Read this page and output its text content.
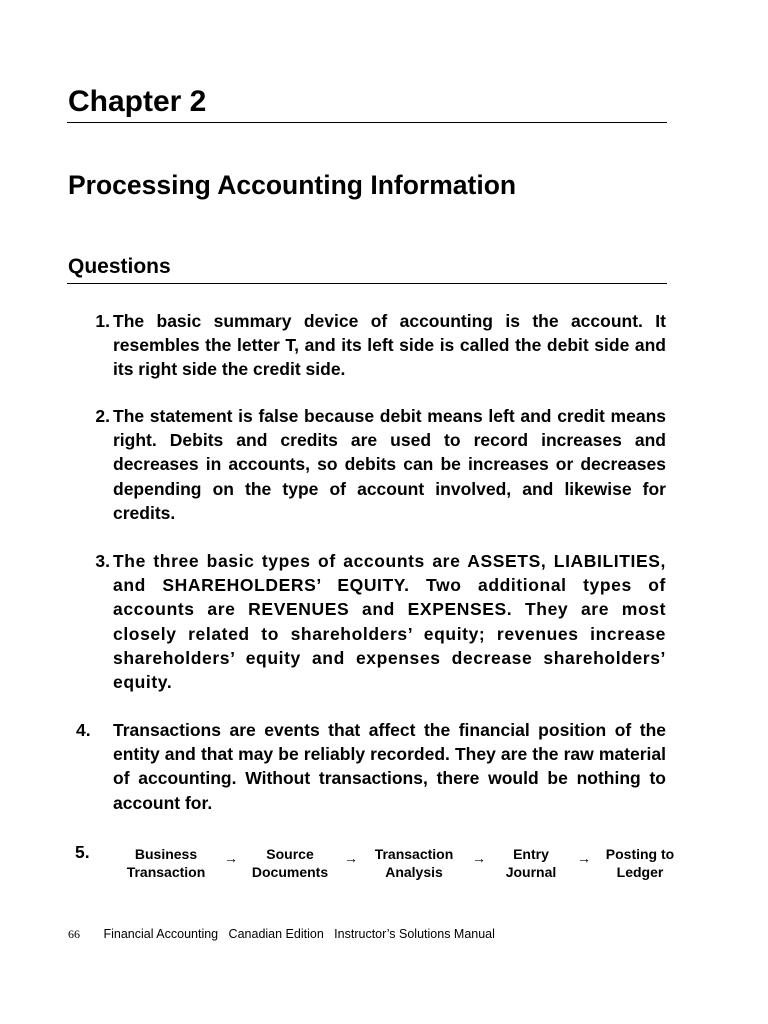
Chapter 2
Processing Accounting Information
Questions
1. The basic summary device of accounting is the account. It resembles the letter T, and its left side is called the debit side and its right side the credit side.
2. The statement is false because debit means left and credit means right. Debits and credits are used to record increases and decreases in accounts, so debits can be increases or decreases depending on the type of account involved, and likewise for credits.
3. The three basic types of accounts are ASSETS, LIABILITIES, and SHAREHOLDERS’ EQUITY. Two additional types of accounts are REVENUES and EXPENSES. They are most closely related to shareholders’ equity; revenues increase shareholders’ equity and expenses decrease shareholders’ equity.
4.	Transactions are events that affect the financial position of the entity and that may be reliably recorded. They are the raw material of accounting. Without transactions, there would be nothing to account for.
5.	Business
Transaction
→	Source
Documents
→	Transaction
Analysis
→	Entry
Journal
→	Posting to
Ledger
66 Financial Accounting   Canadian Edition   Instructor’s Solutions Manual
